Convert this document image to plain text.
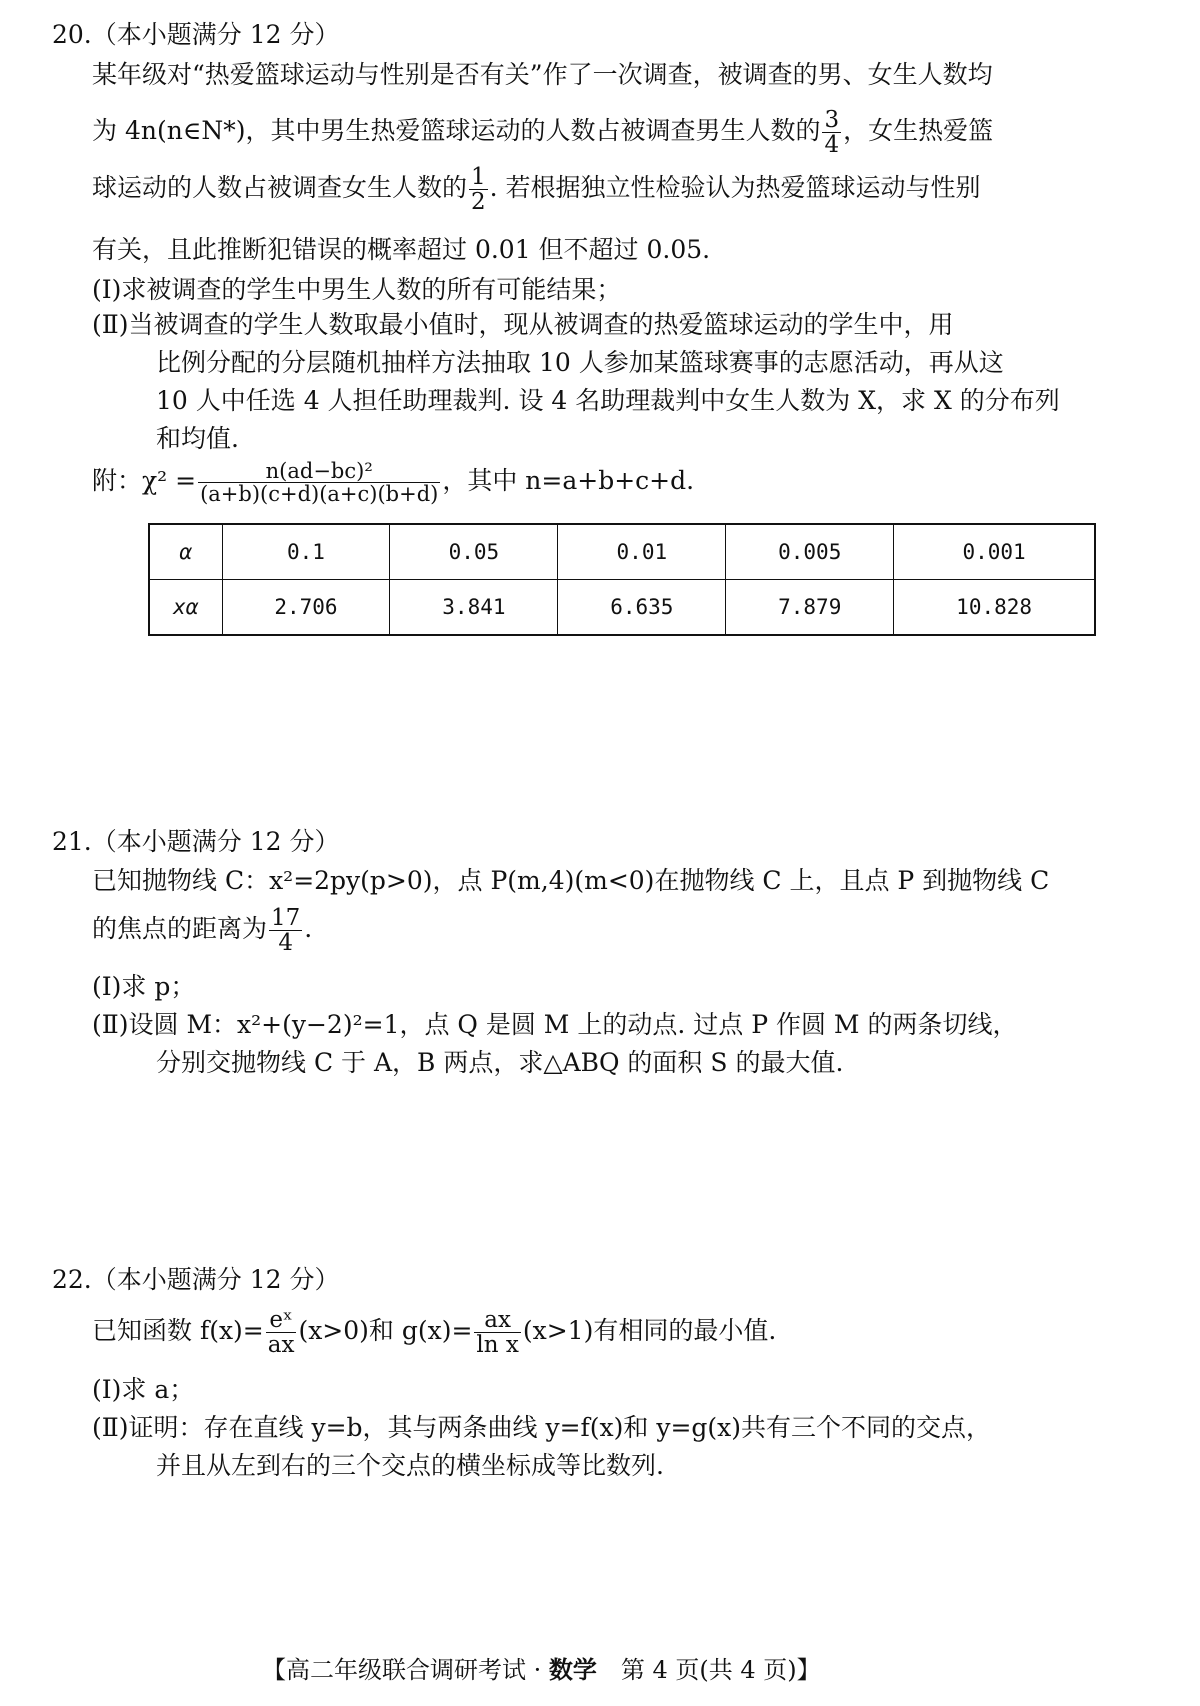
20.（本小题满分 12 分）
某年级对“热爱篮球运动与性别是否有关”作了一次调查，被调查的男、女生人数均
为 4n(n∈N*)，其中男生热爱篮球运动的人数占被调查男生人数的 $\frac{3}{4}$ ，女生热爱篮
球运动的人数占被调查女生人数的 $\frac{1}{2}$ . 若根据独立性检验认为热爱篮球运动与性别
有关，且此推断犯错误的概率超过 0.01 但不超过 0.05.
(Ⅰ)求被调查的学生中男生人数的所有可能结果；
(Ⅱ)当被调查的学生人数取最小值时，现从被调查的热爱篮球运动的学生中，用
比例分配的分层随机抽样方法抽取 10 人参加某篮球赛事的志愿活动，再从这
10 人中任选 4 人担任助理裁判. 设 4 名助理裁判中女生人数为 X，求 X 的分布列
和均值.
附：$\chi^2 = \frac{\text{n(ad−bc)²}}{(a+b)(c+d)(a+c)(b+d)}$ ，其中 n=a+b+c+d.
α	0.1	0.05	0.01	0.005	0.001
xα	2.706	3.841	6.635	7.879	10.828
21.（本小题满分 12 分）
已知抛物线 C：x²=2py(p>0)，点 P(m,4)(m<0)在抛物线 C 上，且点 P 到抛物线 C
的焦点的距离为 $\frac{17}{4}$ .
(Ⅰ)求 p；
(Ⅱ)设圆 M：x²+(y−2)²=1，点 Q 是圆 M 上的动点. 过点 P 作圆 M 的两条切线，
分别交抛物线 C 于 A，B 两点，求△ABQ 的面积 S 的最大值.
22.（本小题满分 12 分）
已知函数 $f(x)= \frac{\text{eˣ}}{ax} (x>0)$和 $g(x)= \frac{ax}{\text{ln x}} (x>1)$有相同的最小值.
(Ⅰ)求 a；
(Ⅱ)证明：存在直线 y=b，其与两条曲线 y=f(x)和 y=g(x)共有三个不同的交点，
并且从左到右的三个交点的横坐标成等比数列.
【高二年级联合调研考试 · 数学　第 4 页(共 4 页)】
